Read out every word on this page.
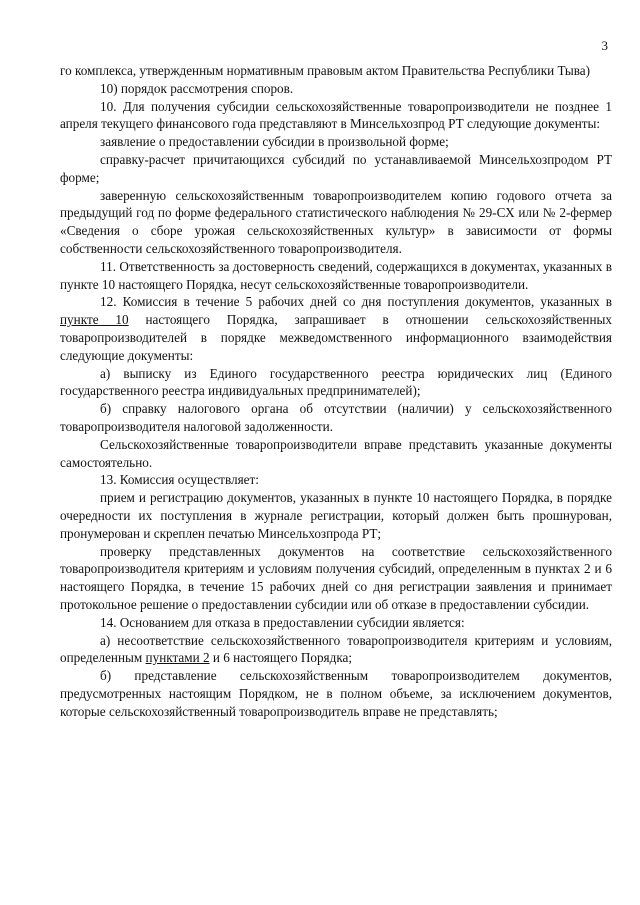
3

го комплекса, утвержденным нормативным правовым актом Правительства Республики Тыва)

10) порядок рассмотрения споров.

10. Для получения субсидии сельскохозяйственные товаропроизводители не позднее 1 апреля текущего финансового года представляют в Минсельхозпрод РТ следующие документы:

заявление о предоставлении субсидии в произвольной форме;

справку-расчет причитающихся субсидий по устанавливаемой Минсельхозпродом РТ форме;

заверенную сельскохозяйственным товаропроизводителем копию годового отчета за предыдущий год по форме федерального статистического наблюдения № 29-СХ или № 2-фермер «Сведения о сборе урожая сельскохозяйственных культур» в зависимости от формы собственности сельскохозяйственного товаропроизводителя.

11. Ответственность за достоверность сведений, содержащихся в документах, указанных в пункте 10 настоящего Порядка, несут сельскохозяйственные товаропроизводители.

12. Комиссия в течение 5 рабочих дней со дня поступления документов, указанных в пункте 10 настоящего Порядка, запрашивает в отношении сельскохозяйственных товаропроизводителей в порядке межведомственного информационного взаимодействия следующие документы:

а) выписку из Единого государственного реестра юридических лиц (Единого государственного реестра индивидуальных предпринимателей);

б) справку налогового органа об отсутствии (наличии) у сельскохозяйственного товаропроизводителя налоговой задолженности.

Сельскохозяйственные товаропроизводители вправе представить указанные документы самостоятельно.

13. Комиссия осуществляет:

прием и регистрацию документов, указанных в пункте 10 настоящего Порядка, в порядке очередности их поступления в журнале регистрации, который должен быть прошнурован, пронумерован и скреплен печатью Минсельхозпрода РТ;

проверку представленных документов на соответствие сельскохозяйственного товаропроизводителя критериям и условиям получения субсидий, определенным в пунктах 2 и 6 настоящего Порядка, в течение 15 рабочих дней со дня регистрации заявления и принимает протокольное решение о предоставлении субсидии или об отказе в предоставлении субсидии.

14. Основанием для отказа в предоставлении субсидии является:

а) несоответствие сельскохозяйственного товаропроизводителя критериям и условиям, определенным пунктами 2 и 6 настоящего Порядка;

б) представление сельскохозяйственным товаропроизводителем документов, предусмотренных настоящим Порядком, не в полном объеме, за исключением документов, которые сельскохозяйственный товаропроизводитель вправе не представлять;
